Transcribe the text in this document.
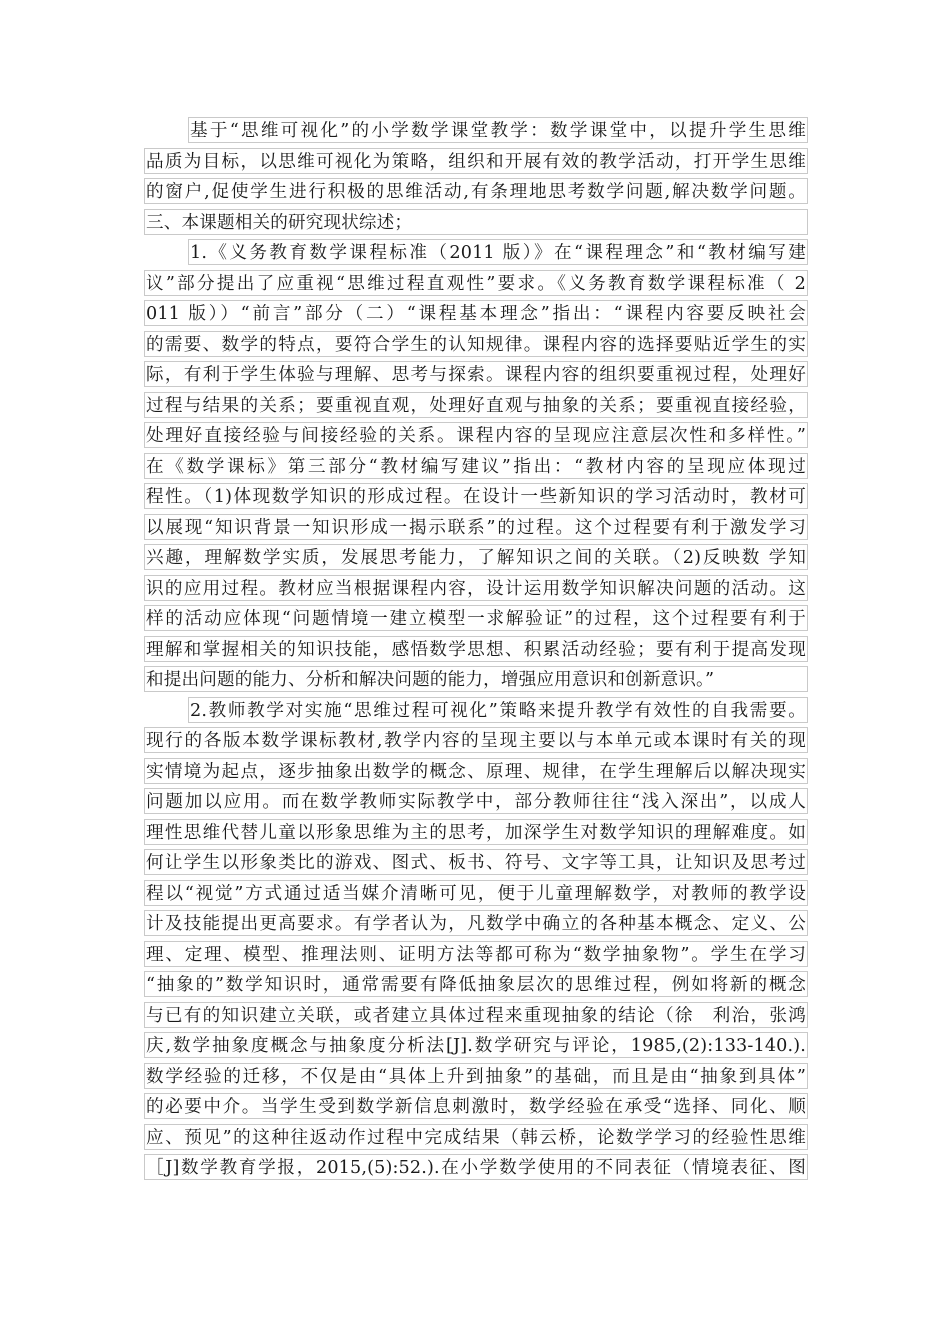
基于“思维可视化”的小学数学课堂教学：数学课堂中，以提升学生思维
品质为目标，以思维可视化为策略，组织和开展有效的教学活动，打开学生思维
的窗户,促使学生进行积极的思维活动,有条理地思考数学问题,解决数学问题。
三、本课题相关的研究现状综述；
1.《义务教育数学课程标准（2011 版）》在“课程理念”和“教材编写建
议”部分提出了应重视“思维过程直观性”要求。《义务教育数学课程标准（ 2
011 版））“前言”部分（二）“课程基本理念”指出：“课程内容要反映社会
的需要、数学的特点，要符合学生的认知规律。课程内容的选择要贴近学生的实
际，有利于学生体验与理解、思考与探索。课程内容的组织要重视过程，处理好
过程与结果的关系；要重视直观，处理好直观与抽象的关系；要重视直接经验，
处理好直接经验与间接经验的关系。课程内容的呈现应注意层次性和多样性。”
在《数学课标》第三部分“教材编写建议”指出：“教材内容的呈现应体现过
程性。（1)体现数学知识的形成过程。在设计一些新知识的学习活动时，教材可
以展现“知识背景一知识形成一揭示联系”的过程。这个过程要有利于激发学习
兴趣，理解数学实质，发展思考能力，了解知识之间的关联。（2)反映数 学知
识的应用过程。教材应当根据课程内容，设计运用数学知识解决问题的活动。这
样的活动应体现“问题情境一建立模型一求解验证”的过程，这个过程要有利于
理解和掌握相关的知识技能，感悟数学思想、积累活动经验；要有利于提高发现
和提出问题的能力、分析和解决问题的能力，增强应用意识和创新意识。”
2.教师教学对实施“思维过程可视化”策略来提升教学有效性的自我需要。
现行的各版本数学课标教材,教学内容的呈现主要以与本单元或本课时有关的现
实情境为起点，逐步抽象出数学的概念、原理、规律，在学生理解后以解决现实
问题加以应用。而在数学教师实际教学中，部分教师往往“浅入深出”，以成人
理性思维代替儿童以形象思维为主的思考，加深学生对数学知识的理解难度。如
何让学生以形象类比的游戏、图式、板书、符号、文字等工具，让知识及思考过
程以“视觉”方式通过适当媒介清晰可见，便于儿童理解数学，对教师的教学设
计及技能提出更高要求。有学者认为，凡数学中确立的各种基本概念、定义、公
理、定理、模型、推理法则、证明方法等都可称为“数学抽象物”。学生在学习
“抽象的”数学知识时，通常需要有降低抽象层次的思维过程，例如将新的概念
与已有的知识建立关联，或者建立具体过程来重现抽象的结论（徐　利治，张鸿
庆,数学抽象度概念与抽象度分析法[J].数学研究与评论，1985,(2):133-140.).
数学经验的迁移，不仅是由“具体上升到抽象”的基础，而且是由“抽象到具体”
的必要中介。当学生受到数学新信息刺激时，数学经验在承受“选择、同化、顺
应、预见”的这种往返动作过程中完成结果（韩云桥，论数学学习的经验性思维
［J]数学教育学报，2015,(5):52.).在小学数学使用的不同表征（情境表征、图
